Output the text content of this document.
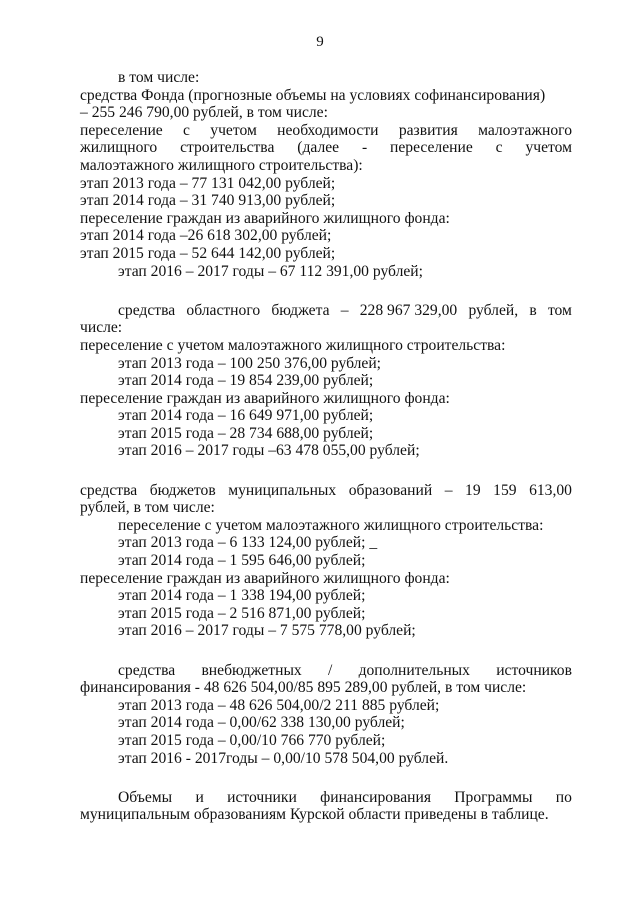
9
в том числе:
средства Фонда (прогнозные объемы на условиях софинансирования)
– 255 246 790,00 рублей, в том числе:
переселение с учетом необходимости развития малоэтажного
жилищного строительства (далее - переселение с учетом
малоэтажного жилищного строительства):
этап 2013 года – 77 131 042,00 рублей;
этап 2014 года – 31 740 913,00 рублей;
переселение граждан из аварийного жилищного фонда:
этап 2014 года –26 618 302,00 рублей;
этап 2015 года – 52 644 142,00 рублей;
этап 2016 – 2017 годы – 67 112 391,00 рублей;
средства областного бюджета – 228 967 329,00 рублей, в том
числе:
переселение с учетом малоэтажного жилищного строительства:
этап 2013 года – 100 250 376,00 рублей;
этап 2014 года – 19 854 239,00 рублей;
переселение граждан из аварийного жилищного фонда:
этап 2014 года – 16 649 971,00 рублей;
этап 2015 года – 28 734 688,00 рублей;
этап 2016 – 2017 годы –63 478 055,00 рублей;
средства бюджетов муниципальных образований – 19 159 613,00
рублей, в том числе:
переселение с учетом малоэтажного жилищного строительства:
этап 2013 года – 6 133 124,00 рублей; _
этап 2014 года – 1 595 646,00 рублей;
переселение граждан из аварийного жилищного фонда:
этап 2014 года – 1 338 194,00 рублей;
этап 2015 года – 2 516 871,00 рублей;
этап 2016 – 2017 годы – 7 575 778,00 рублей;
средства внебюджетных / дополнительных источников
финансирования - 48 626 504,00/85 895 289,00 рублей, в том числе:
этап 2013 года – 48 626 504,00/2 211 885 рублей;
этап 2014 года – 0,00/62 338 130,00 рублей;
этап 2015 года – 0,00/10 766 770 рублей;
этап 2016 - 2017годы – 0,00/10 578 504,00 рублей.
Объемы и источники финансирования Программы по
муниципальным образованиям Курской области приведены в таблице.
